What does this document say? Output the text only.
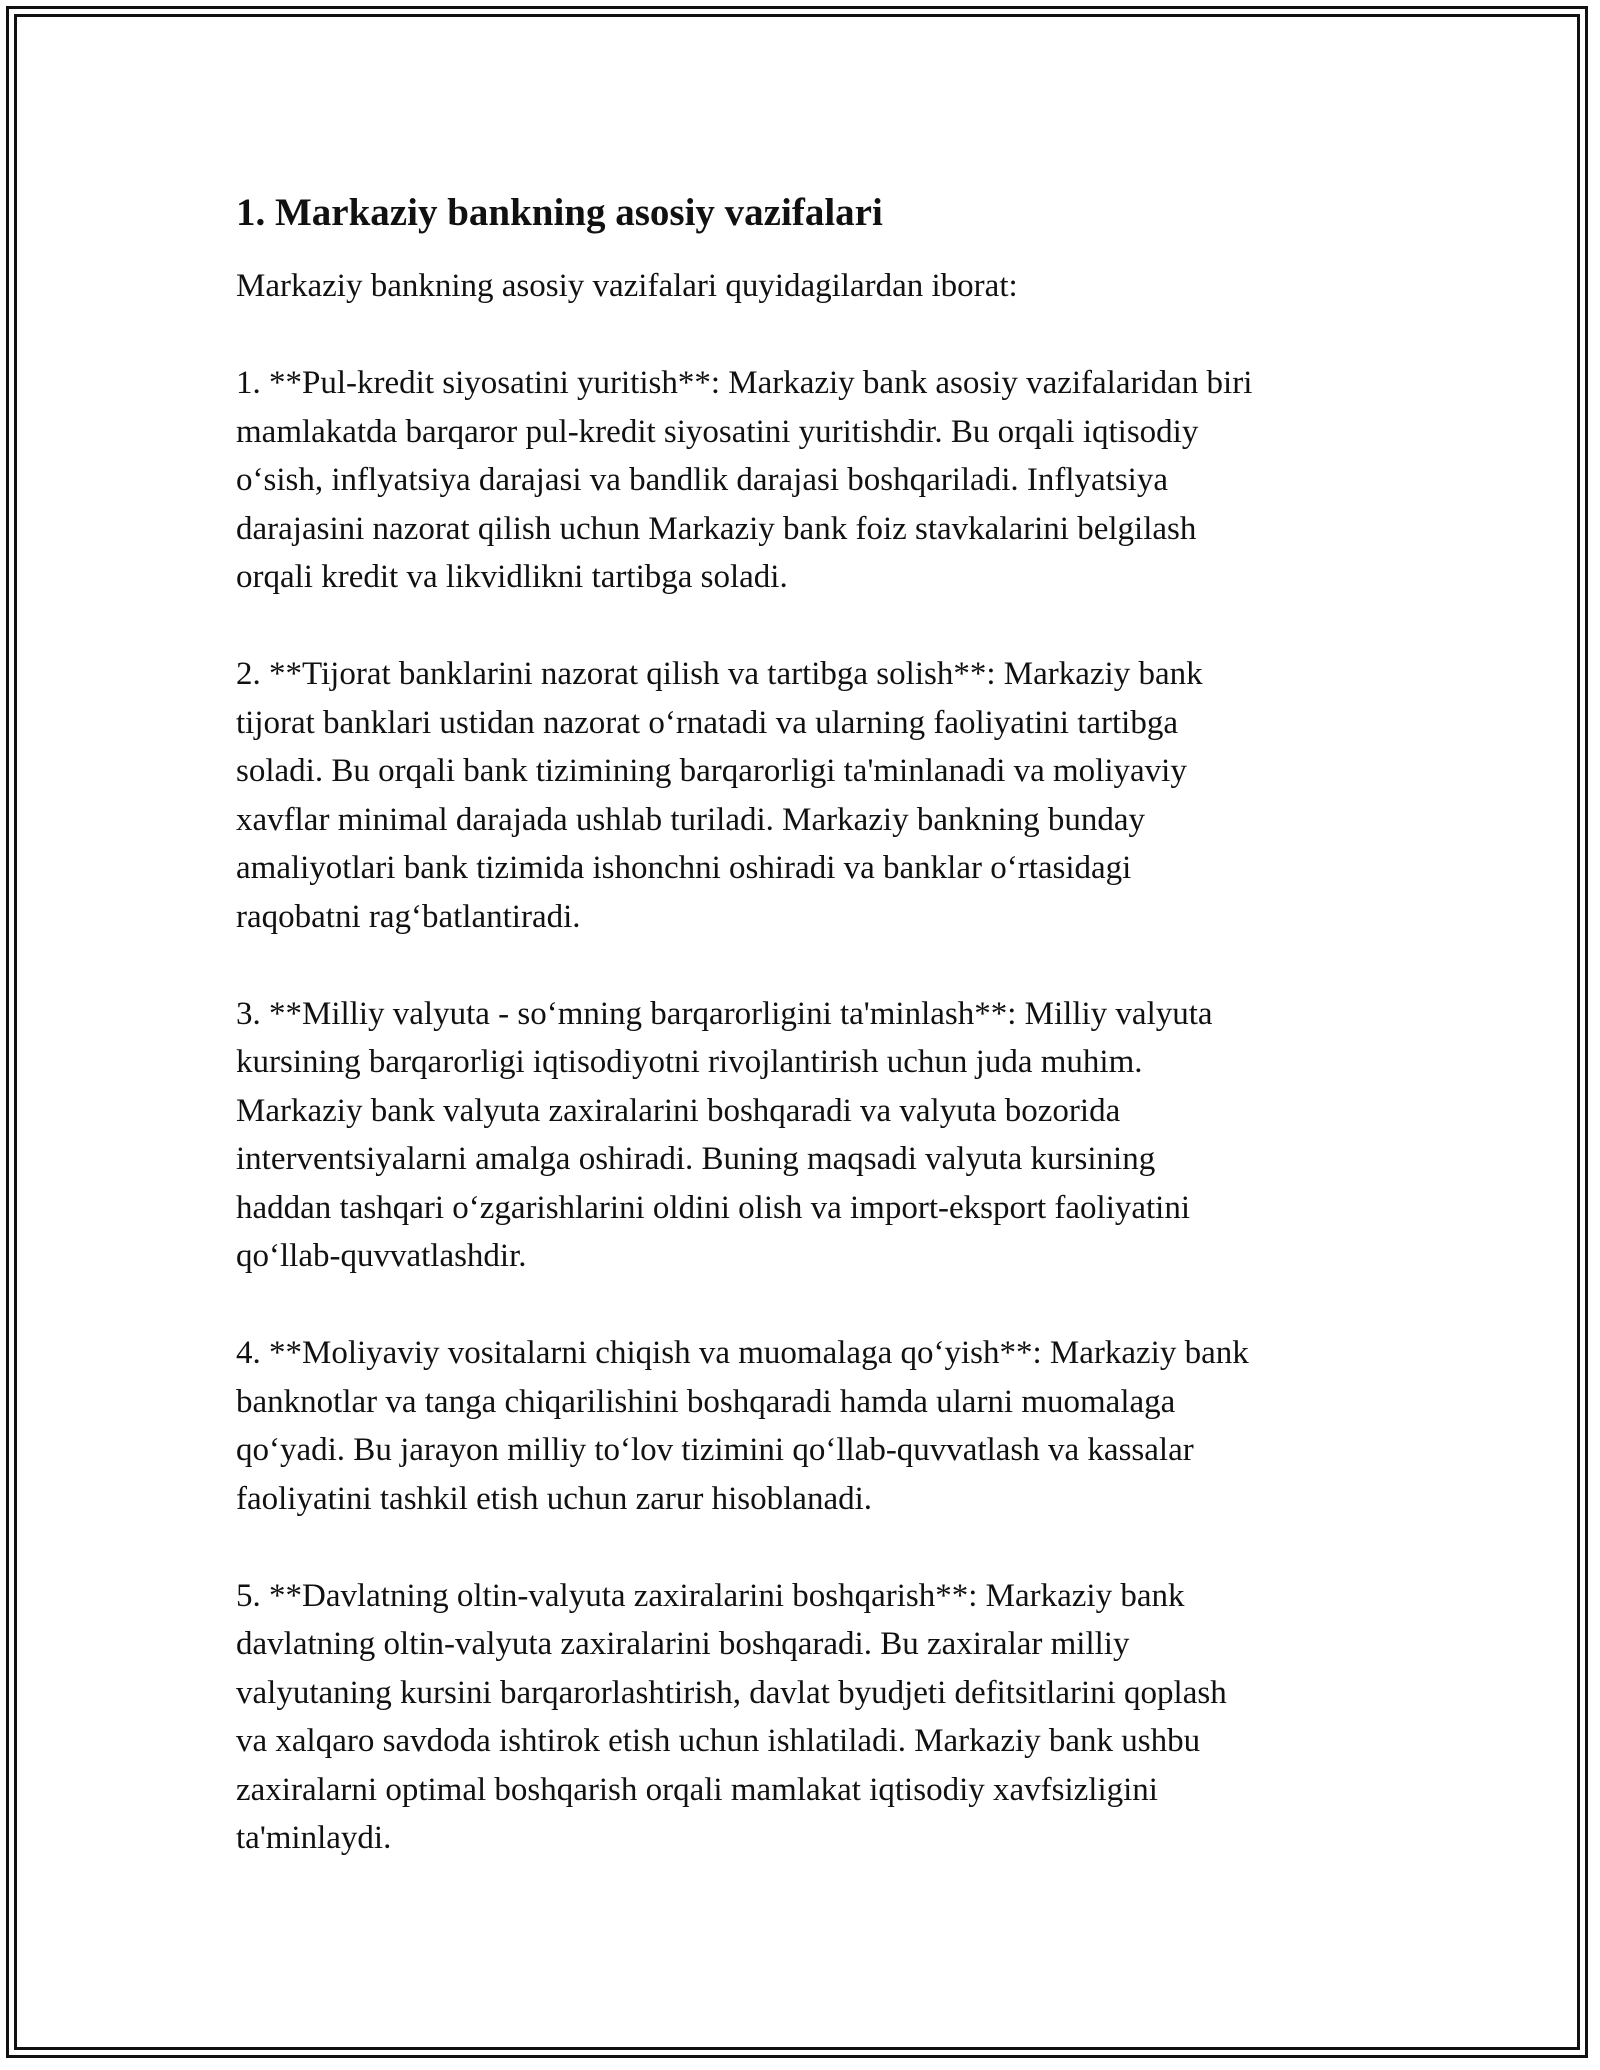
1. Markaziy bankning asosiy vazifalari

Markaziy bankning asosiy vazifalari quyidagilardan iborat:

1. **Pul-kredit siyosatini yuritish**: Markaziy bank asosiy vazifalaridan biri
mamlakatda barqaror pul-kredit siyosatini yuritishdir. Bu orqali iqtisodiy
o‘sish, inflyatsiya darajasi va bandlik darajasi boshqariladi. Inflyatsiya
darajasini nazorat qilish uchun Markaziy bank foiz stavkalarini belgilash
orqali kredit va likvidlikni tartibga soladi.

2. **Tijorat banklarini nazorat qilish va tartibga solish**: Markaziy bank
tijorat banklari ustidan nazorat o‘rnatadi va ularning faoliyatini tartibga
soladi. Bu orqali bank tizimining barqarorligi ta'minlanadi va moliyaviy
xavflar minimal darajada ushlab turiladi. Markaziy bankning bunday
amaliyotlari bank tizimida ishonchni oshiradi va banklar o‘rtasidagi
raqobatni rag‘batlantiradi.

3. **Milliy valyuta - so‘mning barqarorligini ta'minlash**: Milliy valyuta
kursining barqarorligi iqtisodiyotni rivojlantirish uchun juda muhim.
Markaziy bank valyuta zaxiralarini boshqaradi va valyuta bozorida
interventsiyalarni amalga oshiradi. Buning maqsadi valyuta kursining
haddan tashqari o‘zgarishlarini oldini olish va import-eksport faoliyatini
qo‘llab-quvvatlashdir.

4. **Moliyaviy vositalarni chiqish va muomalaga qo‘yish**: Markaziy bank
banknotlar va tanga chiqarilishini boshqaradi hamda ularni muomalaga
qo‘yadi. Bu jarayon milliy to‘lov tizimini qo‘llab-quvvatlash va kassalar
faoliyatini tashkil etish uchun zarur hisoblanadi.

5. **Davlatning oltin-valyuta zaxiralarini boshqarish**: Markaziy bank
davlatning oltin-valyuta zaxiralarini boshqaradi. Bu zaxiralar milliy
valyutaning kursini barqarorlashtirish, davlat byudjeti defitsitlarini qoplash
va xalqaro savdoda ishtirok etish uchun ishlatiladi. Markaziy bank ushbu
zaxiralarni optimal boshqarish orqali mamlakat iqtisodiy xavfsizligini
ta'minlaydi.
